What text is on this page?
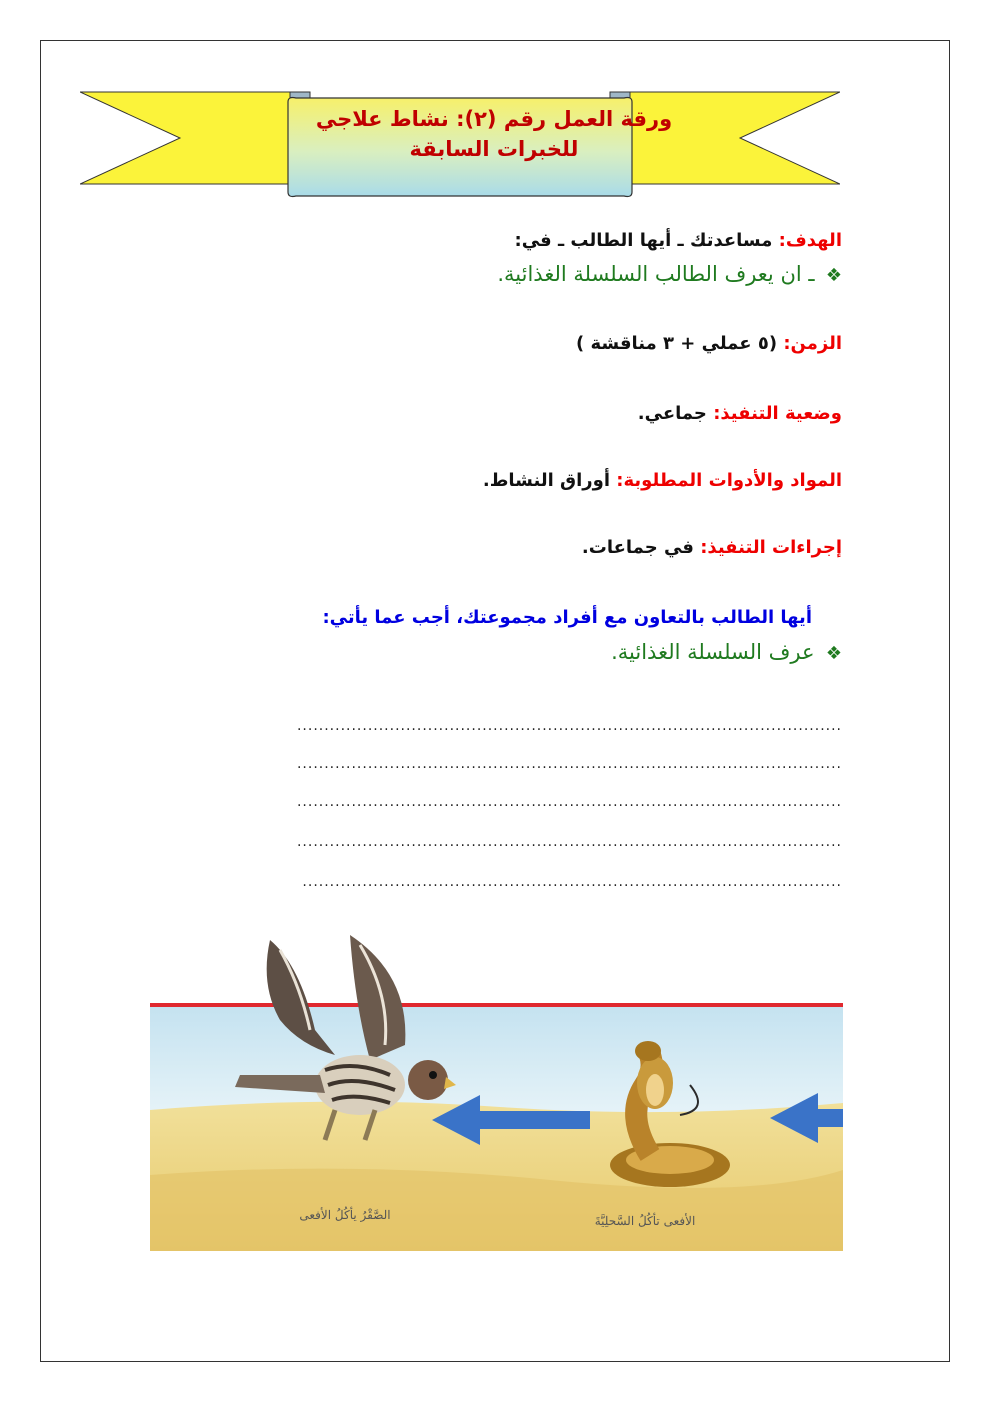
ورقة العمل رقم (٢): نشاط علاجي
للخبرات السابقة
الهدف: مساعدتك ـ أيها الطالب ـ في:
❖ ـ ان يعرف الطالب السلسلة الغذائية.
الزمن: (٥ عملي + ٣ مناقشة )
وضعية التنفيذ: جماعي.
المواد والأدوات المطلوبة: أوراق النشاط.
إجراءات التنفيذ: في جماعات.
أيها الطالب بالتعاون مع أفراد مجموعتك، أجب عما يأتي:
❖ عرف السلسلة الغذائية.
....................................................................................................
....................................................................................................
....................................................................................................
....................................................................................................
...................................................................................................
الصَّقْرُ يأكُلُ الأفعى	الأفعى تأكُلُ السَّحلِيَّةَ
